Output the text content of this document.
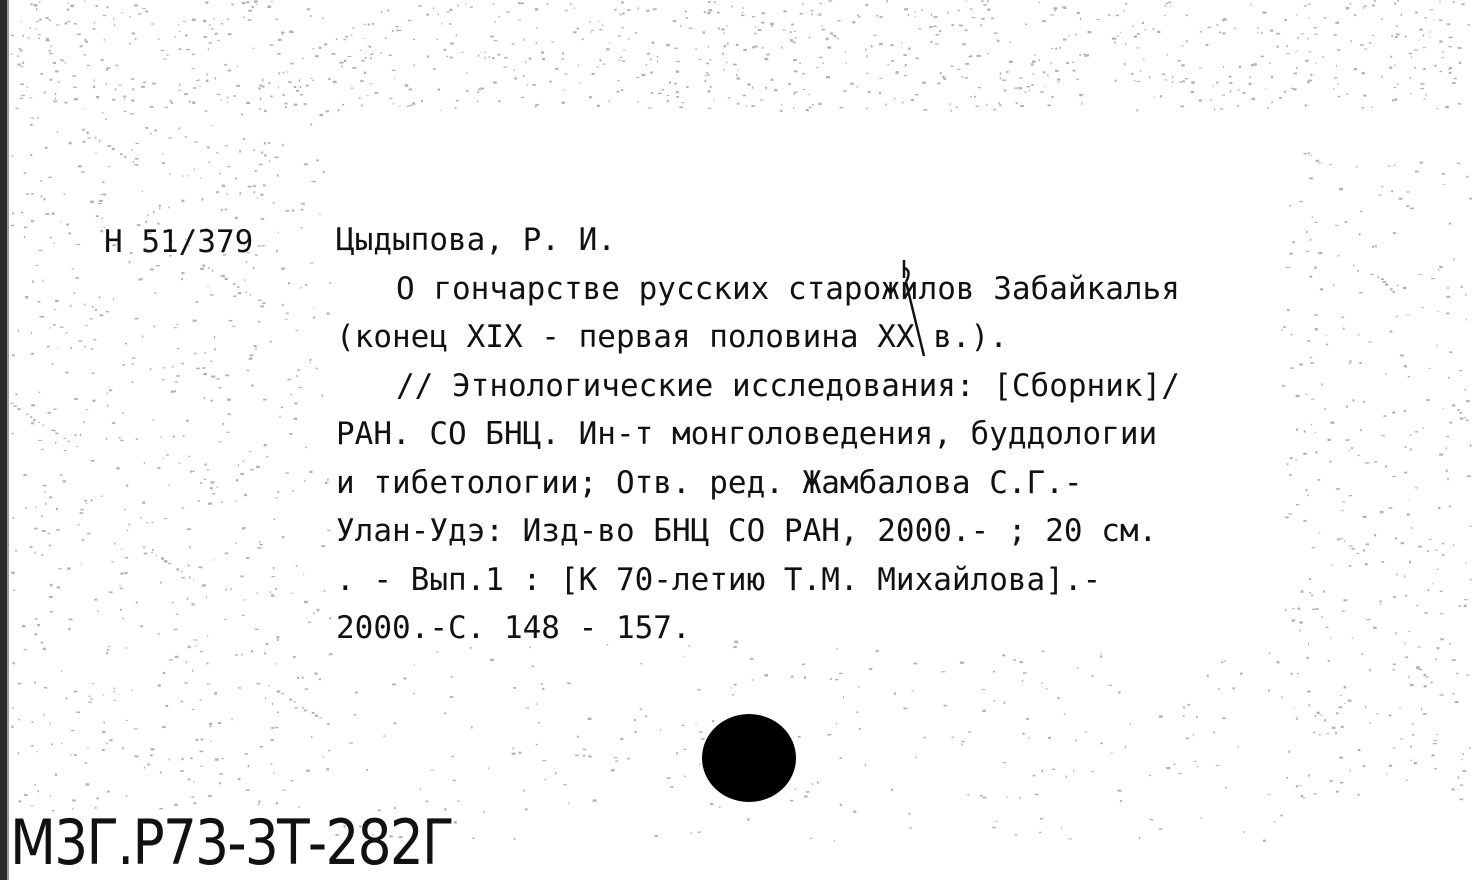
Н 51/379	Цыдыпова, Р. И.
О гончарстве русских старожилов Забайкалья
(конец XIX - первая половина XX в.).
// Этнологические исследования: [Сборник]/
РАН. СО БНЦ. Ин-т монголоведения, буддологии
и тибетологии; Отв. ред. Жамбалова С.Г.-
Улан-Удэ: Изд-во БНЦ СО РАН, 2000.- ; 20 см.
. - Вып.1 : [К 70-летию Т.М. Михайлова].-
2000.-С. 148 - 157.
М3Г.Р73-3Т-282Г
